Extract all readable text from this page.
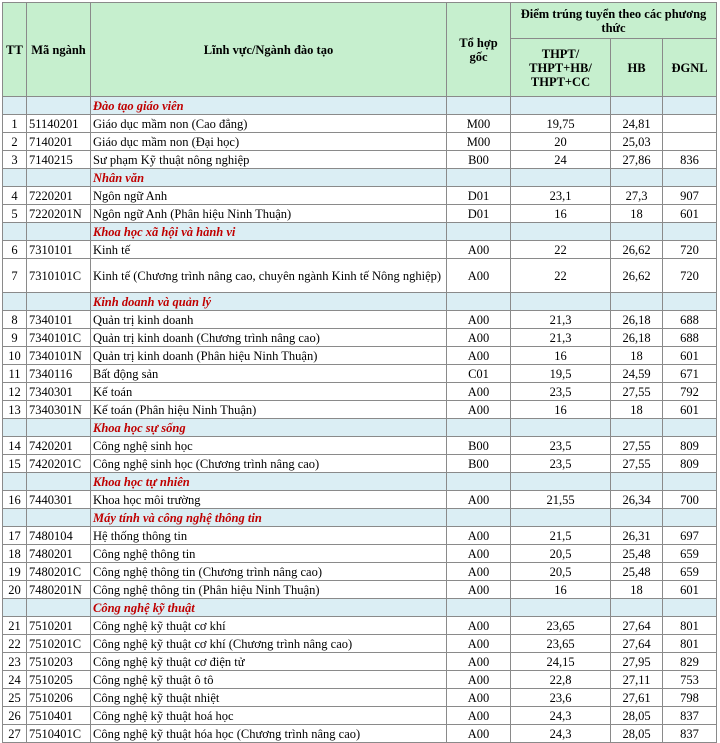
TT	Mã ngành	Lĩnh vực/Ngành đào tạo	Tổ hợp gốc	Điểm trúng tuyển theo các phương thức		
				THPT/ THPT+HB/ THPT+CC	HB	ĐGNL
		Đào tạo giáo viên				
1	51140201	Giáo dục mầm non (Cao đẳng)	M00	19,75	24,81	
2	7140201	Giáo dục mầm non (Đại học)	M00	20	25,03	
3	7140215	Sư phạm Kỹ thuật nông nghiệp	B00	24	27,86	836
		Nhân văn				
4	7220201	Ngôn ngữ Anh	D01	23,1	27,3	907
5	7220201N	Ngôn ngữ Anh (Phân hiệu Ninh Thuận)	D01	16	18	601
		Khoa học xã hội và hành vi				
6	7310101	Kinh tế	A00	22	26,62	720
7	7310101C	Kinh tế (Chương trình nâng cao, chuyên ngành Kinh tế Nông nghiệp)	A00	22	26,62	720
		Kinh doanh và quản lý				
8	7340101	Quản trị kinh doanh	A00	21,3	26,18	688
9	7340101C	Quản trị kinh doanh (Chương trình nâng cao)	A00	21,3	26,18	688
10	7340101N	Quản trị kinh doanh (Phân hiệu Ninh Thuận)	A00	16	18	601
11	7340116	Bất động sản	C01	19,5	24,59	671
12	7340301	Kế toán	A00	23,5	27,55	792
13	7340301N	Kế toán (Phân hiệu Ninh Thuận)	A00	16	18	601
		Khoa học sự sống				
14	7420201	Công nghệ sinh học	B00	23,5	27,55	809
15	7420201C	Công nghệ sinh học (Chương trình nâng cao)	B00	23,5	27,55	809
		Khoa học tự nhiên				
16	7440301	Khoa học môi trường	A00	21,55	26,34	700
		Máy tính và công nghệ thông tin				
17	7480104	Hệ thống thông tin	A00	21,5	26,31	697
18	7480201	Công nghệ thông tin	A00	20,5	25,48	659
19	7480201C	Công nghệ thông tin (Chương trình nâng cao)	A00	20,5	25,48	659
20	7480201N	Công nghệ thông tin (Phân hiệu Ninh Thuận)	A00	16	18	601
		Công nghệ kỹ thuật				
21	7510201	Công nghệ kỹ thuật cơ khí	A00	23,65	27,64	801
22	7510201C	Công nghệ kỹ thuật cơ khí (Chương trình nâng cao)	A00	23,65	27,64	801
23	7510203	Công nghệ kỹ thuật cơ điện tử	A00	24,15	27,95	829
24	7510205	Công nghệ kỹ thuật ô tô	A00	22,8	27,11	753
25	7510206	Công nghệ kỹ thuật nhiệt	A00	23,6	27,61	798
26	7510401	Công nghệ kỹ thuật hoá học	A00	24,3	28,05	837
27	7510401C	Công nghệ kỹ thuật hóa học (Chương trình nâng cao)	A00	24,3	28,05	837
